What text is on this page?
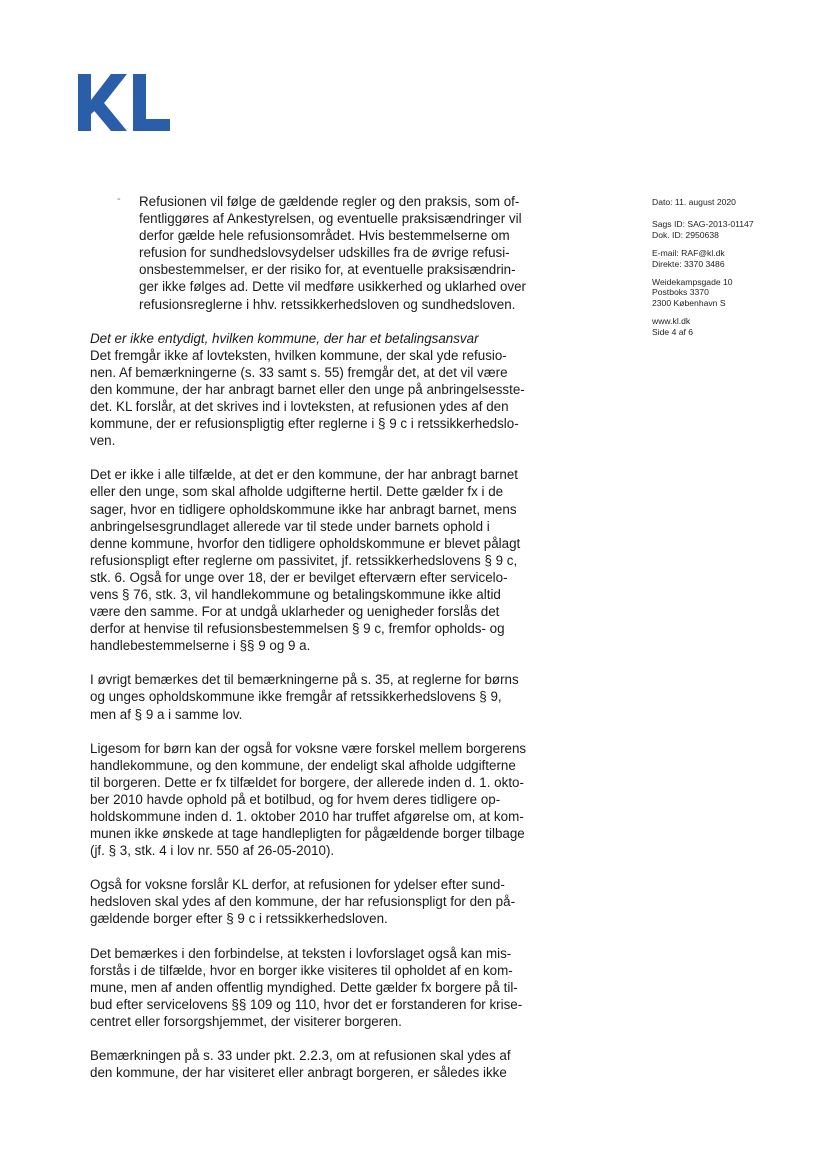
-	Refusionen vil følge de gældende regler og den praksis, som of-
fentliggøres af Ankestyrelsen, og eventuelle praksisændringer vil
derfor gælde hele refusionsområdet. Hvis bestemmelserne om
refusion for sundhedslovsydelser udskilles fra de øvrige refusi-
onsbestemmelser, er der risiko for, at eventuelle praksisændrin-
ger ikke følges ad. Dette vil medføre usikkerhed og uklarhed over
refusionsreglerne i hhv. retssikkerhedsloven og sundhedsloven.

Det er ikke entydigt, hvilken kommune, der har et betalingsansvar

Det fremgår ikke af lovteksten, hvilken kommune, der skal yde refusio-
nen. Af bemærkningerne (s. 33 samt s. 55) fremgår det, at det vil være
den kommune, der har anbragt barnet eller den unge på anbringelsesste-
det. KL forslår, at det skrives ind i lovteksten, at refusionen ydes af den
kommune, der er refusionspligtig efter reglerne i § 9 c i retssikkerhedslo-
ven.

Det er ikke i alle tilfælde, at det er den kommune, der har anbragt barnet
eller den unge, som skal afholde udgifterne hertil. Dette gælder fx i de
sager, hvor en tidligere opholdskommune ikke har anbragt barnet, mens
anbringelsesgrundlaget allerede var til stede under barnets ophold i
denne kommune, hvorfor den tidligere opholdskommune er blevet pålagt
refusionspligt efter reglerne om passivitet, jf. retssikkerhedslovens § 9 c,
stk. 6. Også for unge over 18, der er bevilget efterværn efter servicelo-
vens § 76, stk. 3, vil handlekommune og betalingskommune ikke altid
være den samme. For at undgå uklarheder og uenigheder forslås det
derfor at henvise til refusionsbestemmelsen § 9 c, fremfor opholds- og
handlebestemmelserne i §§ 9 og 9 a.

I øvrigt bemærkes det til bemærkningerne på s. 35, at reglerne for børns
og unges opholdskommune ikke fremgår af retssikkerhedslovens § 9,
men af § 9 a i samme lov.

Ligesom for børn kan der også for voksne være forskel mellem borgerens
handlekommune, og den kommune, der endeligt skal afholde udgifterne
til borgeren. Dette er fx tilfældet for borgere, der allerede inden d. 1. okto-
ber 2010 havde ophold på et botilbud, og for hvem deres tidligere op-
holdskommune inden d. 1. oktober 2010 har truffet afgørelse om, at kom-
munen ikke ønskede at tage handlepligten for pågældende borger tilbage
(jf. § 3, stk. 4 i lov nr. 550 af 26-05-2010).

Også for voksne forslår KL derfor, at refusionen for ydelser efter sund-
hedsloven skal ydes af den kommune, der har refusionspligt for den på-
gældende borger efter § 9 c i retssikkerhedsloven.

Det bemærkes i den forbindelse, at teksten i lovforslaget også kan mis-
forstås i de tilfælde, hvor en borger ikke visiteres til opholdet af en kom-
mune, men af anden offentlig myndighed. Dette gælder fx borgere på til-
bud efter servicelovens §§ 109 og 110, hvor det er forstanderen for krise-
centret eller forsorgshjemmet, der visiterer borgeren.

Bemærkningen på s. 33 under pkt. 2.2.3, om at refusionen skal ydes af
den kommune, der har visiteret eller anbragt borgeren, er således ikke

Dato: 11. august 2020
Sags ID: SAG-2013-01147
Dok. ID: 2950638
E-mail: RAF@kl.dk
Direkte: 3370 3486
Weidekampsgade 10
Postboks 3370
2300 København S
www.kl.dk
Side 4 af 6
